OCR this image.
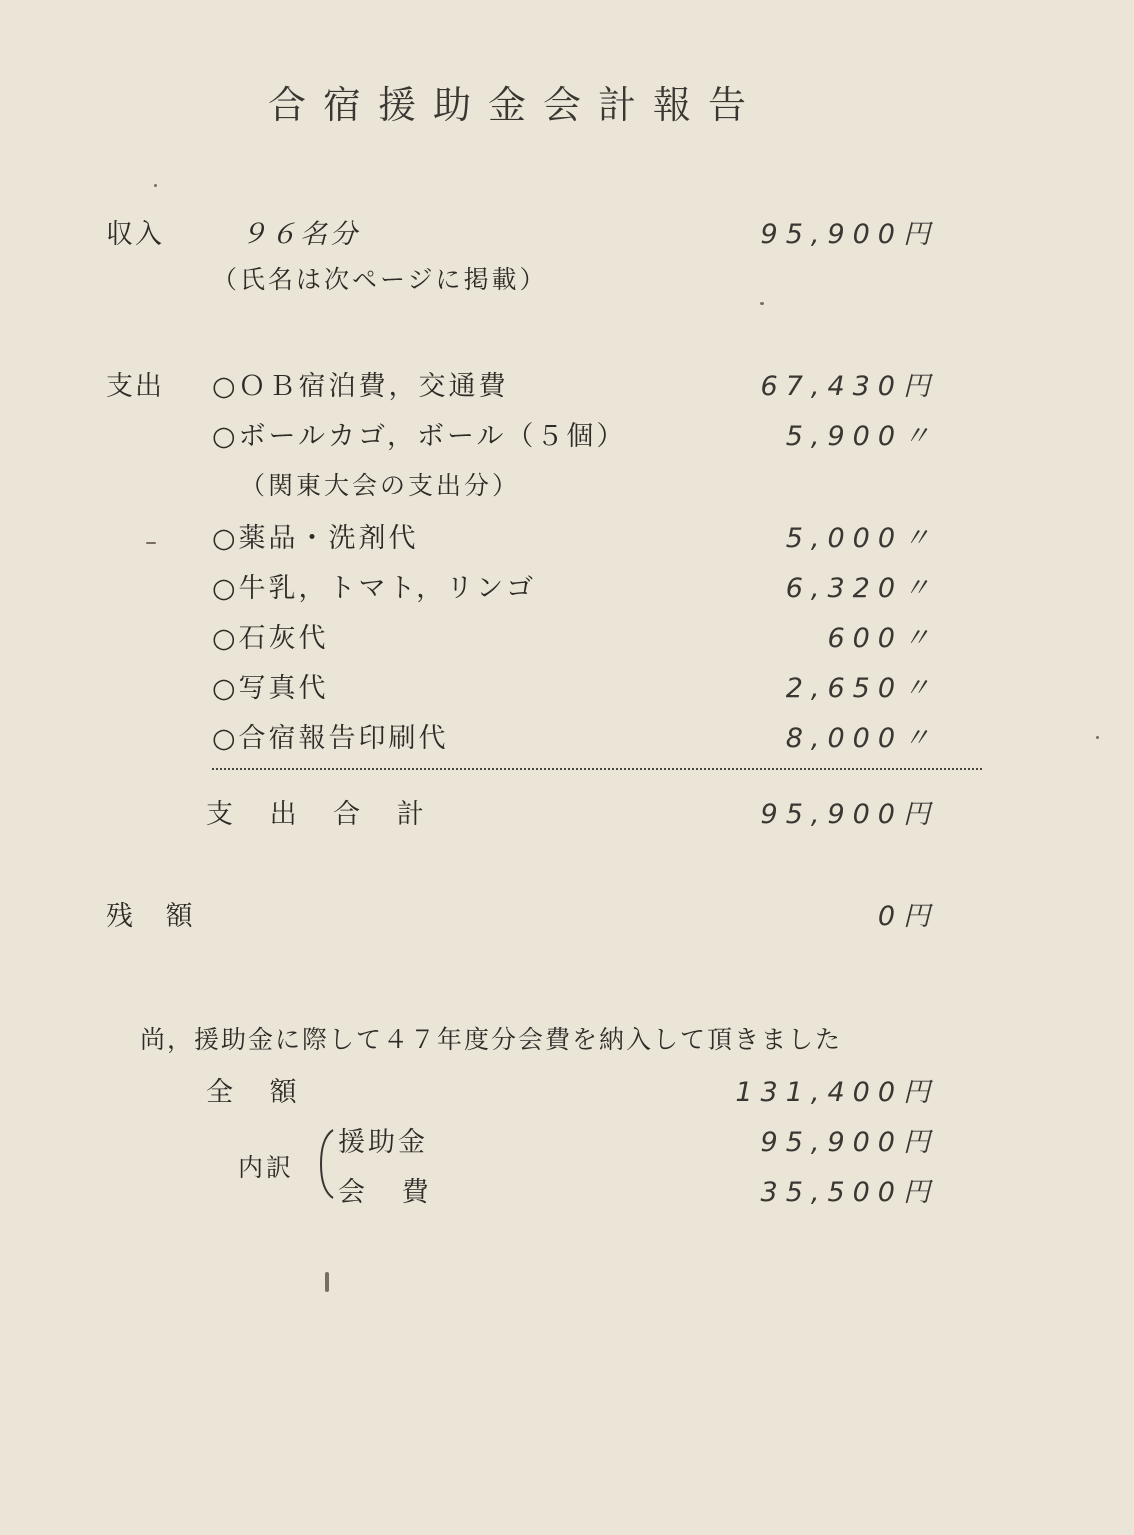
合宿援助金会計報告
収入	９６名分	95,900円
（氏名は次ページに掲載）
支出 ○ＯＢ宿泊費，交通費	67,430円
○ボールカゴ，ボール（５個）	5,900〃
（関東大会の支出分）
○薬品・洗剤代	5,000〃
○牛乳，トマト，リンゴ	6,320〃
○石灰代	600〃
○写真代	2,650〃
○合宿報告印刷代	8,000〃
支 出 合 計	95,900円
残 額	0円
尚，援助金に際して４７年度分会費を納入して頂きました
全 額	131,400円
内訳
援助金	95,900円
会 費	35,500円
